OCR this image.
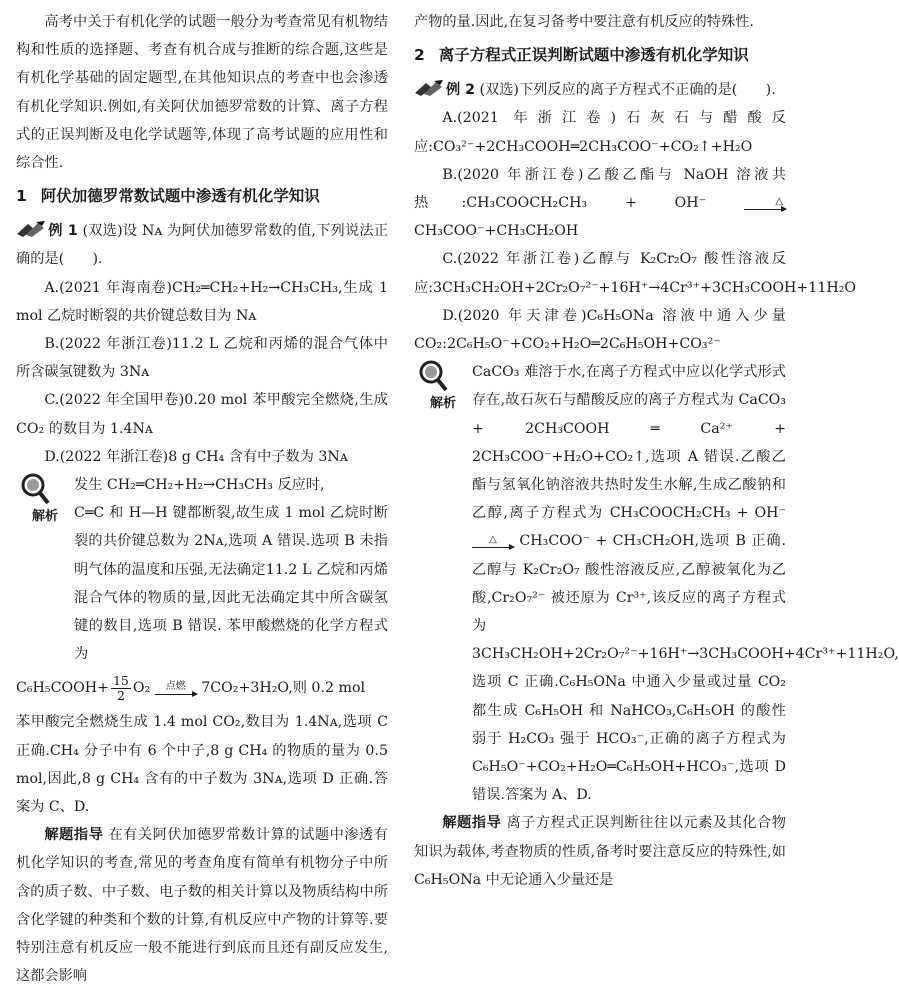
高考中关于有机化学的试题一般分为考查常见有机物结构和性质的选择题、考查有机合成与推断的综合题,这些是有机化学基础的固定题型,在其他知识点的考查中也会渗透有机化学知识.例如,有关阿伏加德罗常数的计算、离子方程式的正误判断及电化学试题等,体现了高考试题的应用性和综合性.

1 阿伏加德罗常数试题中渗透有机化学知识

例 1 (双选)设 Nᴀ 为阿伏加德罗常数的值,下列说法正确的是(　　).

A.(2021 年海南卷)CH₂═CH₂+H₂→CH₃CH₃,生成 1 mol 乙烷时断裂的共价键总数目为 Nᴀ

B.(2022 年浙江卷)11.2 L 乙烷和丙烯的混合气体中所含碳氢键数为 3Nᴀ

C.(2022 年全国甲卷)0.20 mol 苯甲酸完全燃烧,生成 CO₂ 的数目为 1.4Nᴀ

D.(2022 年浙江卷)8 g CH₄ 含有中子数为 3Nᴀ

解析

发生 CH₂═CH₂+H₂→CH₃CH₃ 反应时,

C═C 和 H—H 键都断裂,故生成 1 mol 乙烷时断裂的共价键总数为 2Nᴀ,选项 A 错误.选项 B 未指明气体的温度和压强,无法确定11.2 L 乙烷和丙烯混合气体的物质的量,因此无法确定其中所含碳氢键的数目,选项 B 错误. 苯甲酸燃烧的化学方程式为

C₆H₅COOH+ $\frac{15}{2} O_2$	点燃	7CO₂+3H₂O,则 0.2 mol

苯甲酸完全燃烧生成 1.4 mol CO₂,数目为 1.4Nᴀ,选项 C 正确.CH₄ 分子中有 6 个中子,8 g CH₄ 的物质的量为 0.5 mol,因此,8 g CH₄ 含有的中子数为 3Nᴀ,选项 D 正确.答案为 C、D.

解题指导 在有关阿伏加德罗常数计算的试题中渗透有机化学知识的考查,常见的考查角度有简单有机物分子中所含的质子数、中子数、电子数的相关计算以及物质结构中所含化学键的种类和个数的计算,有机反应中产物的计算等.要特别注意有机反应一般不能进行到底而且还有副反应发生,这都会影响

产物的量.因此,在复习备考中要注意有机反应的特殊性.

2 离子方程式正误判断试题中渗透有机化学知识

例 2 (双选)下列反应的离子方程式不正确的是(　　).

A.(2021 年浙江卷)石灰石与醋酸反应:CO₃²⁻+2CH₃COOH═2CH₃COO⁻+CO₂↑+H₂O

B.(2020 年浙江卷)乙酸乙酯与 NaOH 溶液共热:CH₃COOCH₂CH₃ + OH⁻	△
CH₃COO⁻+CH₃CH₂OH

C.(2022 年浙江卷)乙醇与 K₂Cr₂O₇ 酸性溶液反应:3CH₃CH₂OH+2Cr₂O₇²⁻+16H⁺→4Cr³⁺+3CH₃COOH+11H₂O

D.(2020 年天津卷)C₆H₅ONa 溶液中通入少量CO₂:2C₆H₅O⁻+CO₂+H₂O═2C₆H₅OH+CO₃²⁻

解析

CaCO₃ 难溶于水,在离子方程式中应以化学式形式存在,故石灰石与醋酸反应的离子方程式为 CaCO₃ + 2CH₃COOH ═ Ca²⁺ + 2CH₃COO⁻+H₂O+CO₂↑,选项 A 错误.乙酸乙酯与氢氧化钠溶液共热时发生水解,生成乙酸钠和乙醇,离子方程式为 CH₃COOCH₂CH₃ + OH⁻
△	CH₃COO⁻ + CH₃CH₂OH,选项 B 正确.乙醇与 K₂Cr₂O₇ 酸性溶液反应,乙醇被氧化为乙酸,Cr₂O₇²⁻ 被还原为 Cr³⁺,该反应的离子方程式为 3CH₃CH₂OH+2Cr₂O₇²⁻+16H⁺→3CH₃COOH+4Cr³⁺+11H₂O,选项 C 正确.C₆H₅ONa 中通入少量或过量 CO₂ 都生成 C₆H₅OH 和 NaHCO₃,C₆H₅OH 的酸性弱于 H₂CO₃ 强于 HCO₃⁻,正确的离子方程式为C₆H₅O⁻+CO₂+H₂O═C₆H₅OH+HCO₃⁻,选项 D 错误.答案为 A、D.

解题指导 离子方程式正误判断往往以元素及其化合物知识为载体,考查物质的性质,备考时要注意反应的特殊性,如 C₆H₅ONa 中无论通入少量还是
